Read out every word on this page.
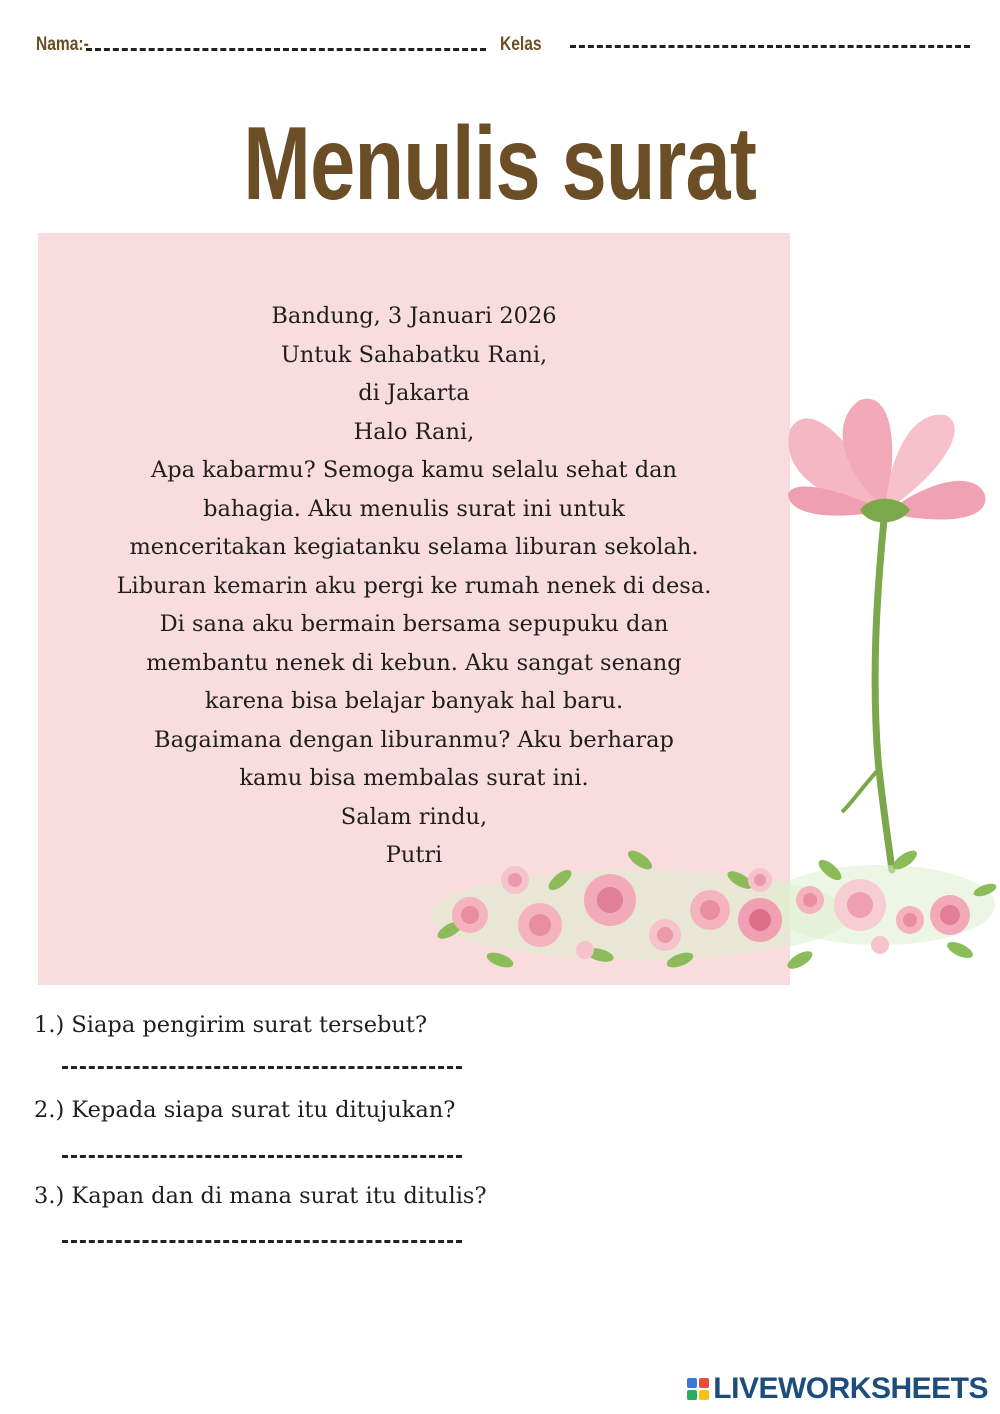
Nama:-	Kelas
Menulis surat
Bandung, 3 Januari 2026
Untuk Sahabatku Rani,
di Jakarta
Halo Rani,
Apa kabarmu? Semoga kamu selalu sehat dan
bahagia. Aku menulis surat ini untuk
menceritakan kegiatanku selama liburan sekolah.
Liburan kemarin aku pergi ke rumah nenek di desa.
Di sana aku bermain bersama sepupuku dan
membantu nenek di kebun. Aku sangat senang
karena bisa belajar banyak hal baru.
Bagaimana dengan liburanmu? Aku berharap
kamu bisa membalas surat ini.
Salam rindu,
Putri
1.) Siapa pengirim surat tersebut?
2.) Kepada siapa surat itu ditujukan?
3.) Kapan dan di mana surat itu ditulis?
LIVEWORKSHEETS
